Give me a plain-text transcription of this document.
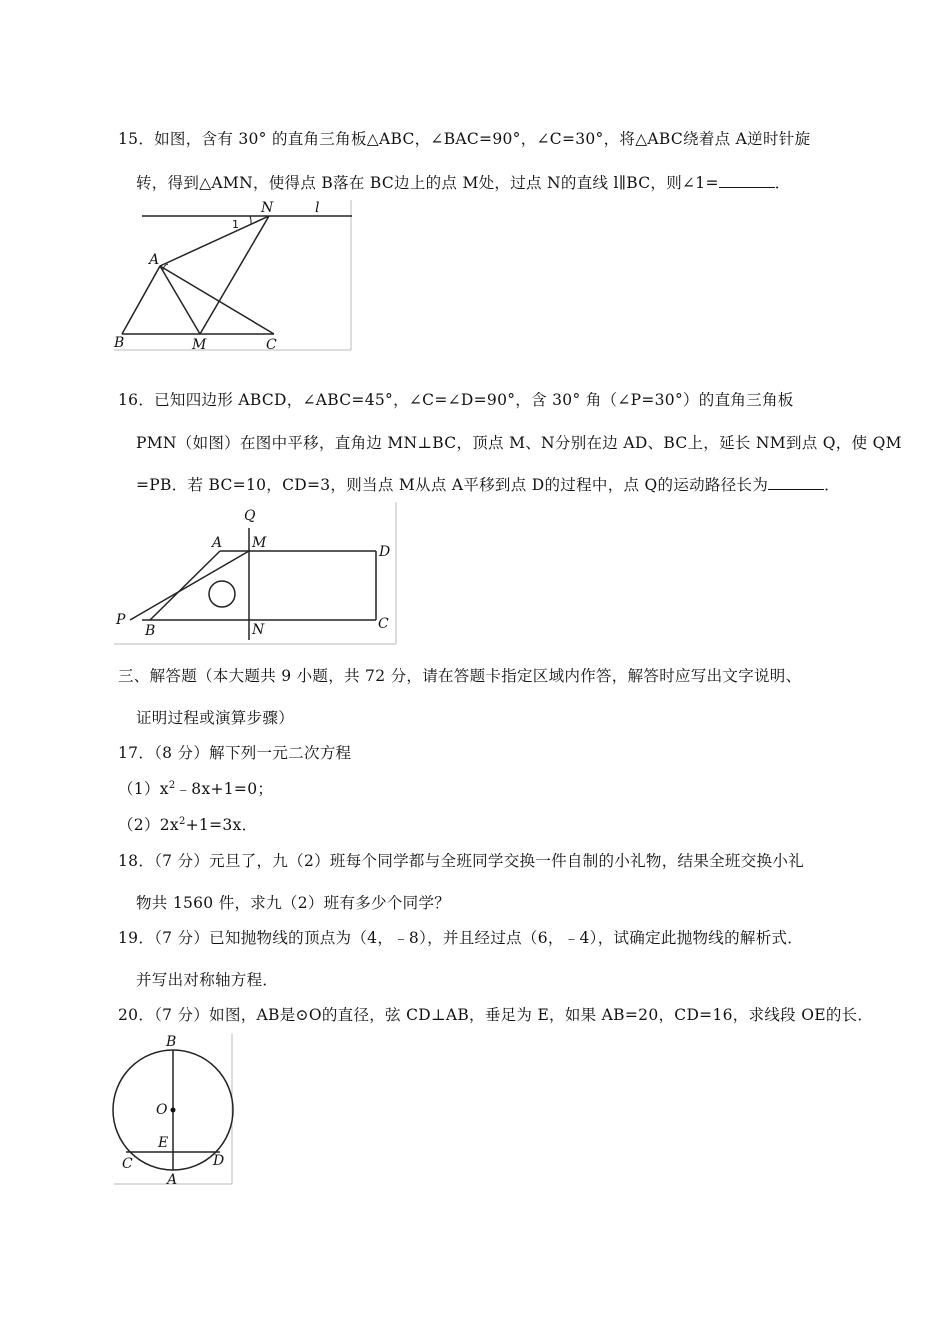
15．如图，含有 30° 的直角三角板△ABC，∠BAC=90°，∠C=30°，将△ABC绕着点 A逆时针旋
转，得到△AMN，使得点 B落在 BC边上的点 M处，过点 N的直线 l∥BC，则∠1=	．
N	l
1
A
B	M	C
16．已知四边形 ABCD，∠ABC=45°，∠C=∠D=90°，含 30° 角（∠P=30°）的直角三角板
PMN（如图）在图中平移，直角边 MN⊥BC，顶点 M、N分别在边 AD、BC上，延长 NM到点 Q，使 QM
=PB．若 BC=10，CD=3，则当点 M从点 A平移到点 D的过程中，点 Q的运动路径长为	．
Q
A M
D
P
B	N	C
三、解答题（本大题共 9 小题，共 72 分，请在答题卡指定区域内作答，解答时应写出文字说明、
证明过程或演算步骤）
17．（8 分）解下列一元二次方程
$(1)x^2﹣8x+1=0$；
$(2)2x^2+1=3x$．
18．（7 分）元旦了，九（2）班每个同学都与全班同学交换一件自制的小礼物，结果全班交换小礼
物共 1560 件，求九（2）班有多少个同学？
19．（7 分）已知抛物线的顶点为（4，﹣8），并且经过点（6，﹣4），试确定此抛物线的解析式．
并写出对称轴方程．
20．（7 分）如图，AB是⊙O的直径，弦 CD⊥AB，垂足为 E，如果 AB=20，CD=16，求线段 OE的长．
B
O
E
C	D
A
